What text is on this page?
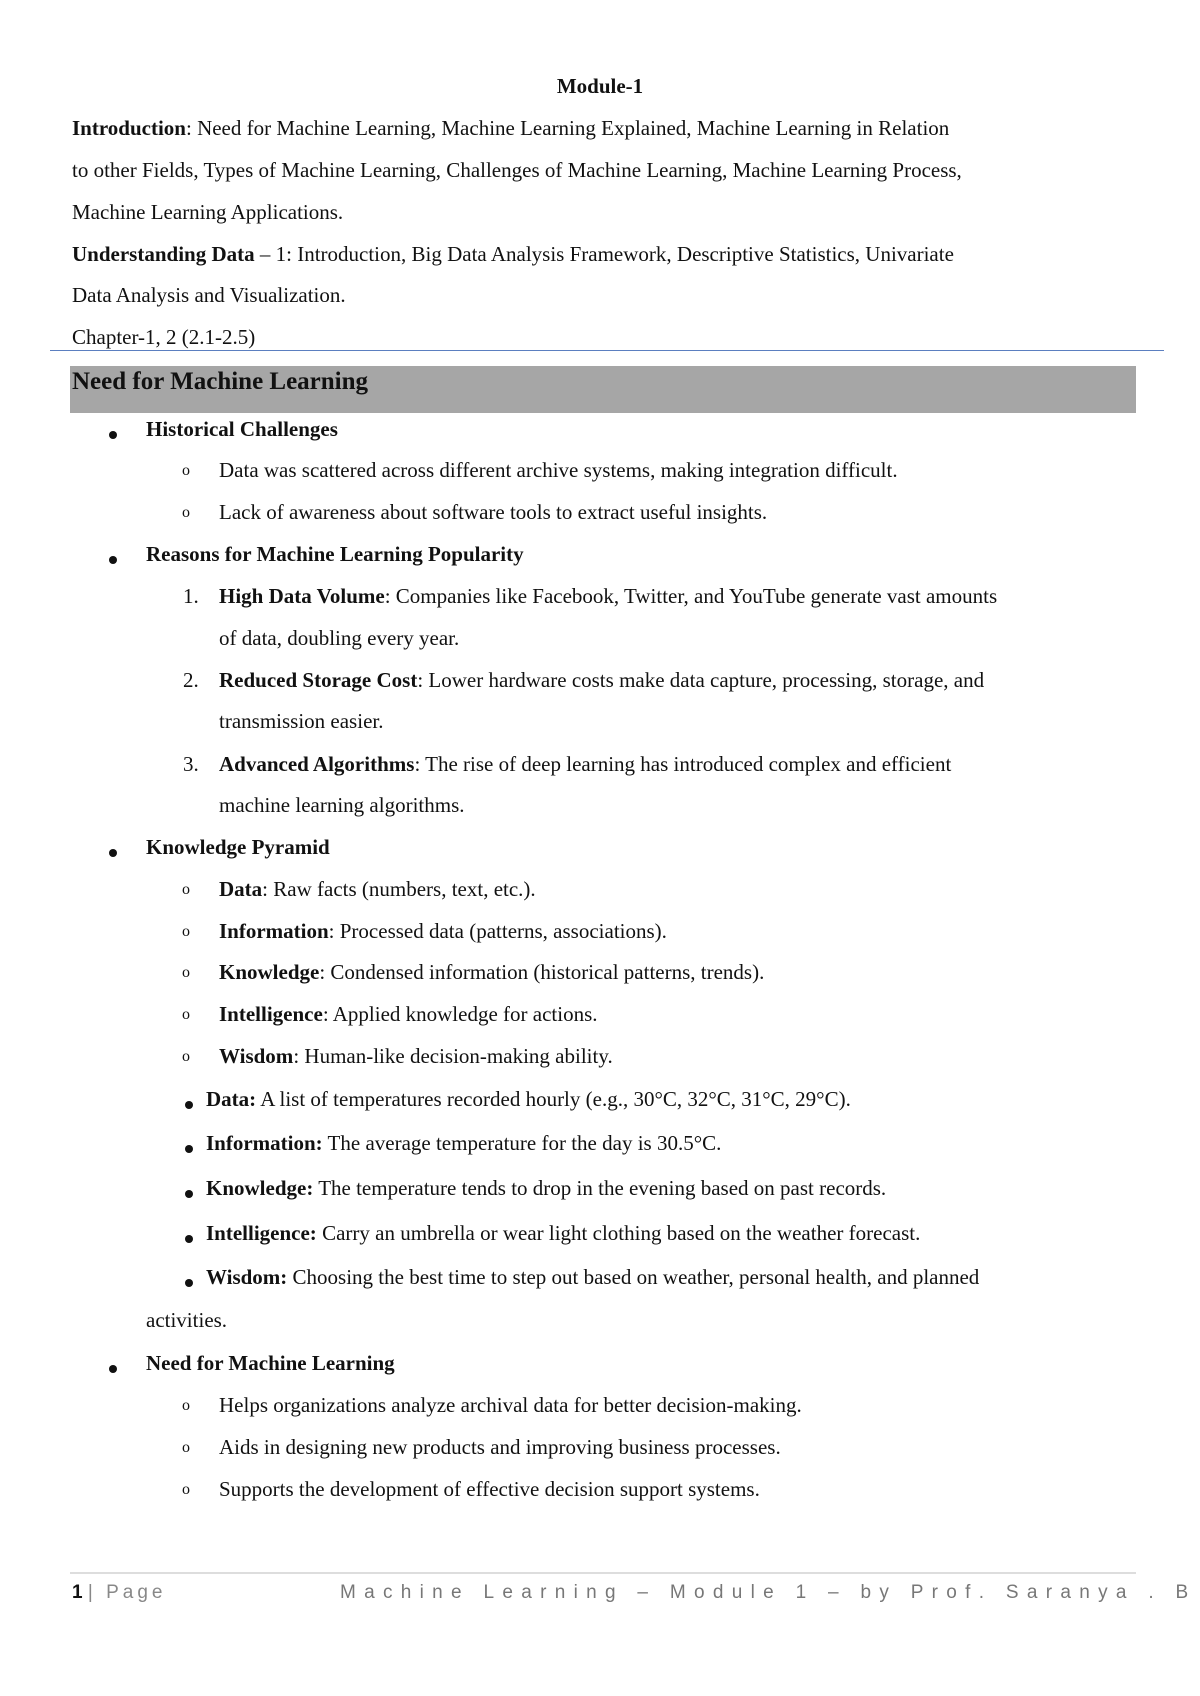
Module-1
Introduction: Need for Machine Learning, Machine Learning Explained, Machine Learning in Relation
to other Fields, Types of Machine Learning, Challenges of Machine Learning, Machine Learning Process,
Machine Learning Applications.
Understanding Data – 1: Introduction, Big Data Analysis Framework, Descriptive Statistics, Univariate
Data Analysis and Visualization.
Chapter-1, 2 (2.1-2.5)
Need for Machine Learning
Historical Challenges
o Data was scattered across different archive systems, making integration difficult.
o Lack of awareness about software tools to extract useful insights.
Reasons for Machine Learning Popularity
1. High Data Volume: Companies like Facebook, Twitter, and YouTube generate vast amounts
of data, doubling every year.
2. Reduced Storage Cost: Lower hardware costs make data capture, processing, storage, and
transmission easier.
3. Advanced Algorithms: The rise of deep learning has introduced complex and efficient
machine learning algorithms.
Knowledge Pyramid
o Data: Raw facts (numbers, text, etc.).
o Information: Processed data (patterns, associations).
o Knowledge: Condensed information (historical patterns, trends).
o Intelligence: Applied knowledge for actions.
o Wisdom: Human-like decision-making ability.
Data: A list of temperatures recorded hourly (e.g., 30°C, 32°C, 31°C, 29°C).
Information: The average temperature for the day is 30.5°C.
Knowledge: The temperature tends to drop in the evening based on past records.
Intelligence: Carry an umbrella or wear light clothing based on the weather forecast.
Wisdom: Choosing the best time to step out based on weather, personal health, and planned
activities.
Need for Machine Learning
o Helps organizations analyze archival data for better decision-making.
o Aids in designing new products and improving business processes.
o Supports the development of effective decision support systems.
1 | Page	Machine Learning – Module 1 – by Prof. Saranya . B
